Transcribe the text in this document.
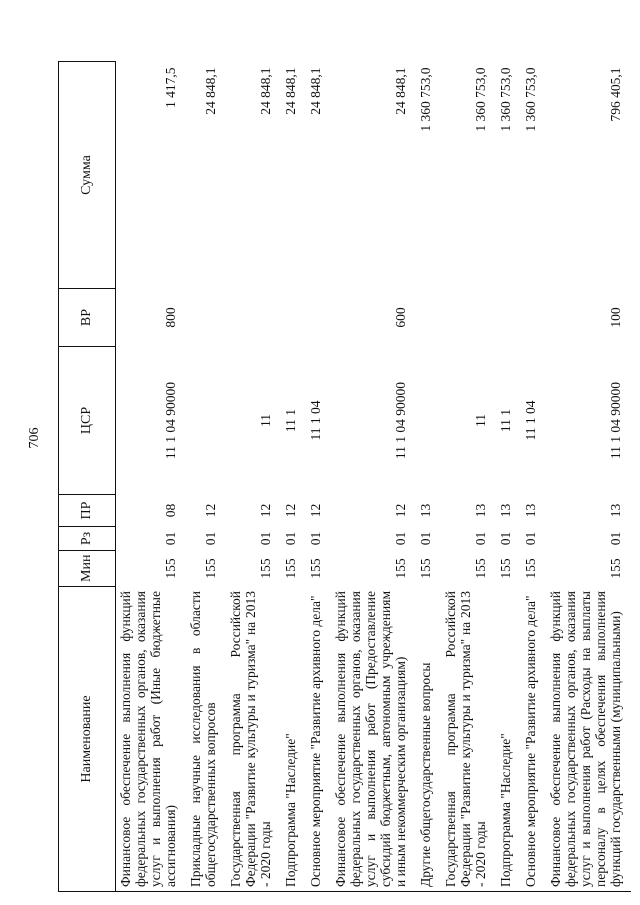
706
Наименование	Мин	Рз	ПР	ЦСР	ВР	Сумма
Финансовое обеспечение выполнения функций федеральных государственных органов, оказания услуг и выполнения работ (Иные бюджетные ассигнования)	155	01	08	11 1 04 90000	800	1 417,5
Прикладные научные исследования в области общегосударственных вопросов	155	01	12			24 848,1
Государственная программа Российской Федерации "Развитие культуры и туризма" на 2013 - 2020 годы	155	01	12	11		24 848,1
Подпрограмма "Наследие"	155	01	12	11 1		24 848,1
Основное мероприятие "Развитие архивного дела"	155	01	12	11 1 04		24 848,1
Финансовое обеспечение выполнения функций федеральных государственных органов, оказания услуг и выполнения работ (Предоставление субсидий бюджетным, автономным учреждениям и иным некоммерческим организациям)	155	01	12	11 1 04 90000	600	24 848,1
Другие общегосударственные вопросы	155	01	13			1 360 753,0
Государственная программа Российской Федерации "Развитие культуры и туризма" на 2013 - 2020 годы	155	01	13	11		1 360 753,0
Подпрограмма "Наследие"	155	01	13	11 1		1 360 753,0
Основное мероприятие "Развитие архивного дела"	155	01	13	11 1 04		1 360 753,0
Финансовое обеспечение выполнения функций федеральных государственных органов, оказания услуг и выполнения работ (Расходы на выплаты персоналу в целях обеспечения выполнения функций государственными (муниципальными)	155	01	13	11 1 04 90000	100	796 405,1
